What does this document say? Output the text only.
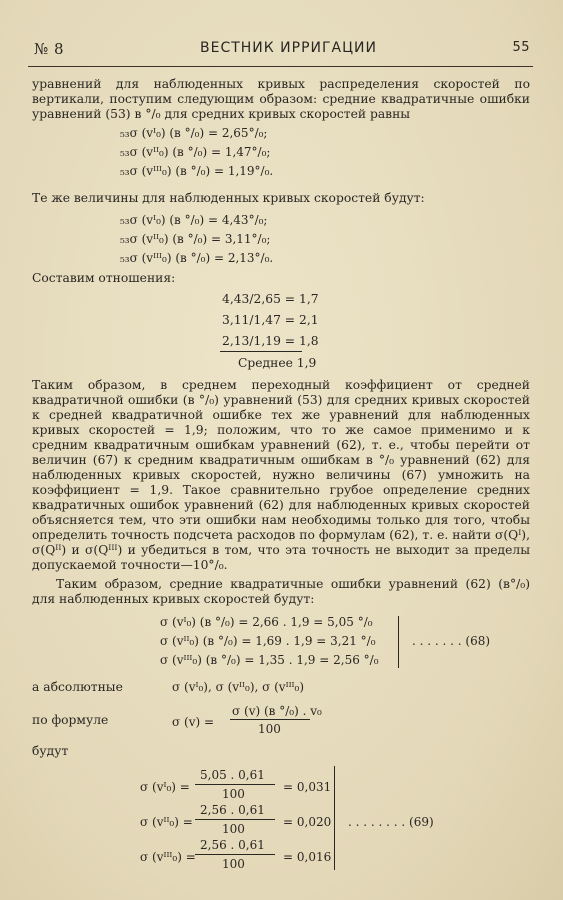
№ 8	ВЕСТНИК ИРРИГАЦИИ	55
уравнений для наблюденных кривых распределения скоростей по вертикали, поступим следующим образом: средние квадратичные ошибки уравнений (53) в °/₀ для средних кривых скоростей равны
₅₃σ (vᴵ₀) (в °/₀) = 2,65°/₀;
₅₃σ (vᴵᴵ₀) (в °/₀) = 1,47°/₀;
₅₃σ (vᴵᴵᴵ₀) (в °/₀) = 1,19°/₀.
Те же величины для наблюденных кривых скоростей будут:
₅₃σ (vᴵ₀) (в °/₀) = 4,43°/₀;
₅₃σ (vᴵᴵ₀) (в °/₀) = 3,11°/₀;
₅₃σ (vᴵᴵᴵ₀) (в °/₀) = 2,13°/₀.
Составим отношения:
4,43/2,65 = 1,7
3,11/1,47 = 2,1
2,13/1,19 = 1,8
Среднее 1,9
Таким образом, в среднем переходный коэффициент от средней квадратичной ошибки (в °/₀) уравнений (53) для средних кривых скоростей к средней квадратичной ошибке тех же уравнений для наблюденных кривых скоростей = 1,9; положим, что то же самое применимо и к средним квадратичным ошибкам уравнений (62), т. е., чтобы перейти от величин (67) к средним квадратичным ошибкам в °/₀ уравнений (62) для наблюденных кривых скоростей, нужно величины (67) умножить на коэффициент = 1,9. Такое сравнительно грубое определение средних квадратичных ошибок уравнений (62) для наблюденных кривых скоростей объясняется тем, что эти ошибки нам необходимы только для того, чтобы определить точность подсчета расходов по формулам (62), т. е. найти σ(Qᴵ), σ(Qᴵᴵ) и σ(Qᴵᴵᴵ) и убедиться в том, что эта точность не выходит за пределы допускаемой точности—10°/₀.
Таким образом, средние квадратичные ошибки уравнений (62) (в°/₀) для наблюденных кривых скоростей будут:
σ (vᴵ₀) (в °/₀) = 2,66 . 1,9 = 5,05 °/₀
σ (vᴵᴵ₀) (в °/₀) = 1,69 . 1,9 = 3,21 °/₀
σ (vᴵᴵᴵ₀) (в °/₀) = 1,35 . 1,9 = 2,56 °/₀
. . . . . . . (68)
а абсолютные	σ (vᴵ₀), σ (vᴵᴵ₀), σ (vᴵᴵᴵ₀)
по формуле	σ (v) =
σ (v) (в °/₀) . v₀
100
будут
σ (vᴵ₀) =
5,05 . 0,61
100	= 0,031
σ (vᴵᴵ₀) =
2,56 . 0,61
100	= 0,020
σ (vᴵᴵᴵ₀) =
2,56 . 0,61
100	= 0,016
. . . . . . . . (69)
